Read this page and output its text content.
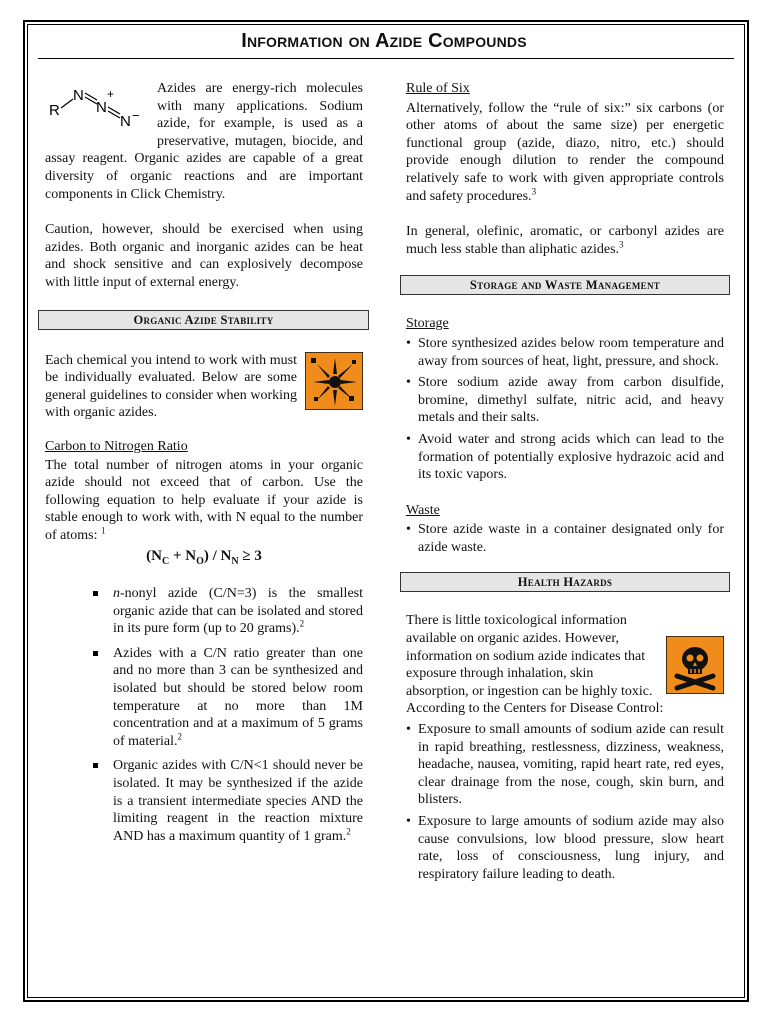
Information on Azide Compounds
R
N
N
+
N −

Azides are energy-rich molecules with many applications. Sodium azide, for example, is used as a preservative, mutagen, biocide, and assay reagent. Organic azides are capable of a great diversity of organic reactions and are important components in Click Chemistry.

Caution, however, should be exercised when using azides. Both organic and inorganic azides can be heat and shock sensitive and can explosively decompose with little input of external energy.

Organic Azide Stability

Each chemical you intend to work with must be individually evaluated. Below are some general guidelines to consider when working with organic azides.

Carbon to Nitrogen Ratio

The total number of nitrogen atoms in your organic azide should not exceed that of carbon. Use the following equation to help evaluate if your azide is stable enough to work with, with N equal to the number of atoms: $^1$

$(N_C + N_O) / N_N \ge 3$
n-nonyl azide (C/N=3) is the smallest organic azide that can be isolated and stored in its pure form (up to 20 grams).$^2$
Azides with a C/N ratio greater than one and no more than 3 can be synthesized and isolated but should be stored below room temperature at no more than 1M concentration and at a maximum of 5 grams of material.$^2$
Organic azides with C/N<1 should never be isolated. It may be synthesized if the azide is a transient intermediate species AND the limiting reagent in the reaction mixture AND has a maximum quantity of 1 gram.$^2$

Rule of Six

Alternatively, follow the “rule of six:” six carbons (or other atoms of about the same size) per energetic functional group (azide, diazo, nitro, etc.) should provide enough dilution to render the compound relatively safe to work with given appropriate controls and safety procedures.$^3$

In general, olefinic, aromatic, or carbonyl azides are much less stable than aliphatic azides.$^3$

Storage and Waste Management

Storage

• Store synthesized azides below room temperature and away from sources of heat, light, pressure, and shock.
• Store sodium azide away from carbon disulfide, bromine, dimethyl sulfate, nitric acid, and heavy metals and their salts.
• Avoid water and strong acids which can lead to the formation of potentially explosive hydrazoic acid and its toxic vapors.

Waste

• Store azide waste in a container designated only for azide waste.
Health Hazards

There is little toxicological information available on organic azides. However, information on sodium azide indicates that exposure through inhalation, skin absorption, or ingestion can be highly toxic. According to the Centers for Disease Control:

• Exposure to small amounts of sodium azide can result in rapid breathing, restlessness, dizziness, weakness, headache, nausea, vomiting, rapid heart rate, red eyes, clear drainage from the nose, cough, skin burn, and blisters.
• Exposure to large amounts of sodium azide may also cause convulsions, low blood pressure, slow heart rate, loss of consciousness, lung injury, and respiratory failure leading to death.
